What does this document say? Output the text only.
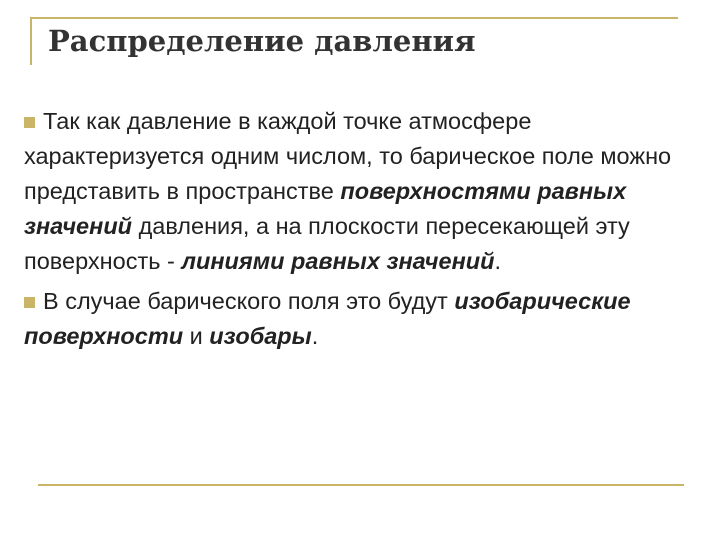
Распределение давления

Так как давление в каждой точке атмосфере характеризуется одним числом, то барическое поле можно представить в пространстве поверхностями равных значений давления, а на плоскости пересекающей эту поверхность - линиями равных значений.

В случае барического поля это будут изобарические поверхности и изобары.
